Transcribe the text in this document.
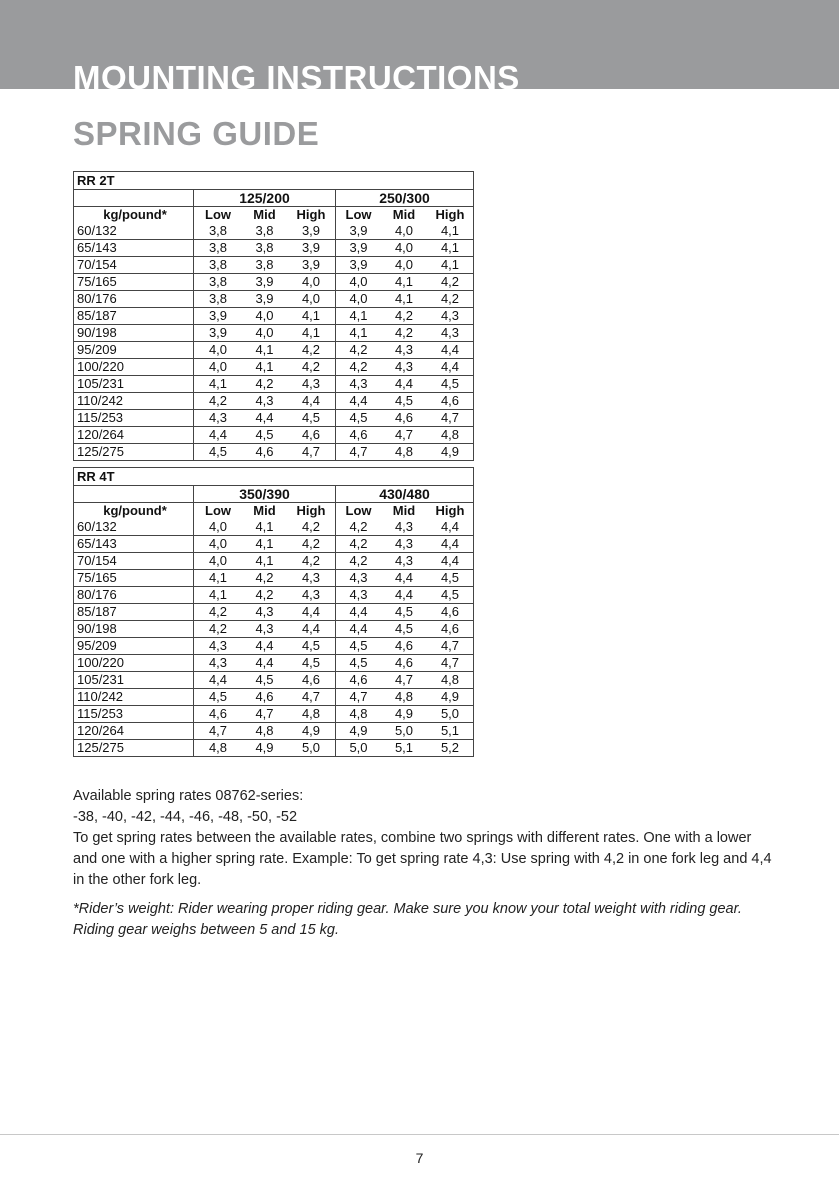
MOUNTING INSTRUCTIONS
SPRING GUIDE
RR 2T						
	125/200			250/300		
kg/pound*	Low	Mid	High	Low	Mid	High
60/132	3,8	3,8	3,9	3,9	4,0	4,1
65/143	3,8	3,8	3,9	3,9	4,0	4,1
70/154	3,8	3,8	3,9	3,9	4,0	4,1
75/165	3,8	3,9	4,0	4,0	4,1	4,2
80/176	3,8	3,9	4,0	4,0	4,1	4,2
85/187	3,9	4,0	4,1	4,1	4,2	4,3
90/198	3,9	4,0	4,1	4,1	4,2	4,3
95/209	4,0	4,1	4,2	4,2	4,3	4,4
100/220	4,0	4,1	4,2	4,2	4,3	4,4
105/231	4,1	4,2	4,3	4,3	4,4	4,5
110/242	4,2	4,3	4,4	4,4	4,5	4,6
115/253	4,3	4,4	4,5	4,5	4,6	4,7
120/264	4,4	4,5	4,6	4,6	4,7	4,8
125/275	4,5	4,6	4,7	4,7	4,8	4,9
RR 4T						
	350/390			430/480		
kg/pound*	Low	Mid	High	Low	Mid	High
60/132	4,0	4,1	4,2	4,2	4,3	4,4
65/143	4,0	4,1	4,2	4,2	4,3	4,4
70/154	4,0	4,1	4,2	4,2	4,3	4,4
75/165	4,1	4,2	4,3	4,3	4,4	4,5
80/176	4,1	4,2	4,3	4,3	4,4	4,5
85/187	4,2	4,3	4,4	4,4	4,5	4,6
90/198	4,2	4,3	4,4	4,4	4,5	4,6
95/209	4,3	4,4	4,5	4,5	4,6	4,7
100/220	4,3	4,4	4,5	4,5	4,6	4,7
105/231	4,4	4,5	4,6	4,6	4,7	4,8
110/242	4,5	4,6	4,7	4,7	4,8	4,9
115/253	4,6	4,7	4,8	4,8	4,9	5,0
120/264	4,7	4,8	4,9	4,9	5,0	5,1
125/275	4,8	4,9	5,0	5,0	5,1	5,2

Available spring rates 08762-series:

-38, -40, -42, -44, -46, -48, -50, -52

To get spring rates between the available rates, combine two springs with different rates. One with a lower and one with a higher spring rate. Example: To get spring rate 4,3: Use spring with 4,2 in one fork leg and 4,4 in the other fork leg.

*Rider’s weight: Rider wearing proper riding gear. Make sure you know your total weight with riding gear. Riding gear weighs between 5 and 15 kg.

7
